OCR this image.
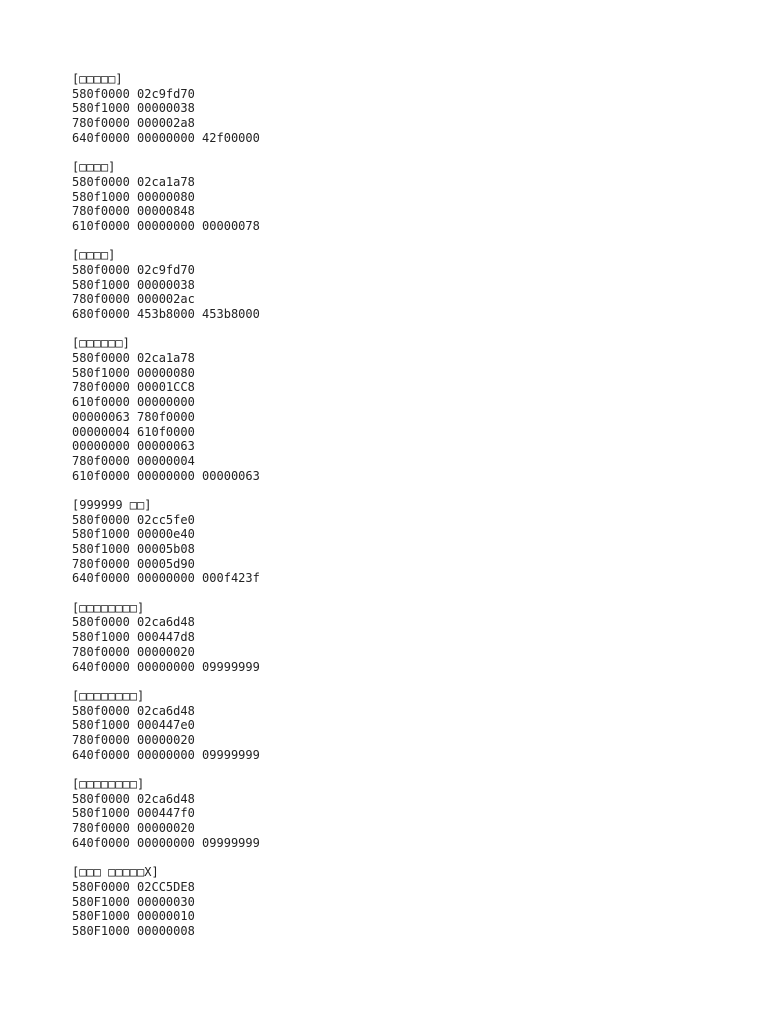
[□□□□□]
580f0000 02c9fd70
580f1000 00000038
780f0000 000002a8
640f0000 00000000 42f00000
[□□□□]
580f0000 02ca1a78
580f1000 00000080
780f0000 00000848
610f0000 00000000 00000078
[□□□□]
580f0000 02c9fd70
580f1000 00000038
780f0000 000002ac
680f0000 453b8000 453b8000
[□□□□□□]
580f0000 02ca1a78
580f1000 00000080
780f0000 00001CC8
610f0000 00000000
00000063 780f0000
00000004 610f0000
00000000 00000063
780f0000 00000004
610f0000 00000000 00000063
[999999 □□]
580f0000 02cc5fe0
580f1000 00000e40
580f1000 00005b08
780f0000 00005d90
640f0000 00000000 000f423f
[□□□□□□□□]
580f0000 02ca6d48
580f1000 000447d8
780f0000 00000020
640f0000 00000000 09999999
[□□□□□□□□]
580f0000 02ca6d48
580f1000 000447e0
780f0000 00000020
640f0000 00000000 09999999
[□□□□□□□□]
580f0000 02ca6d48
580f1000 000447f0
780f0000 00000020
640f0000 00000000 09999999
[□□□ □□□□□X]
580F0000 02CC5DE8
580F1000 00000030
580F1000 00000010
580F1000 00000008
